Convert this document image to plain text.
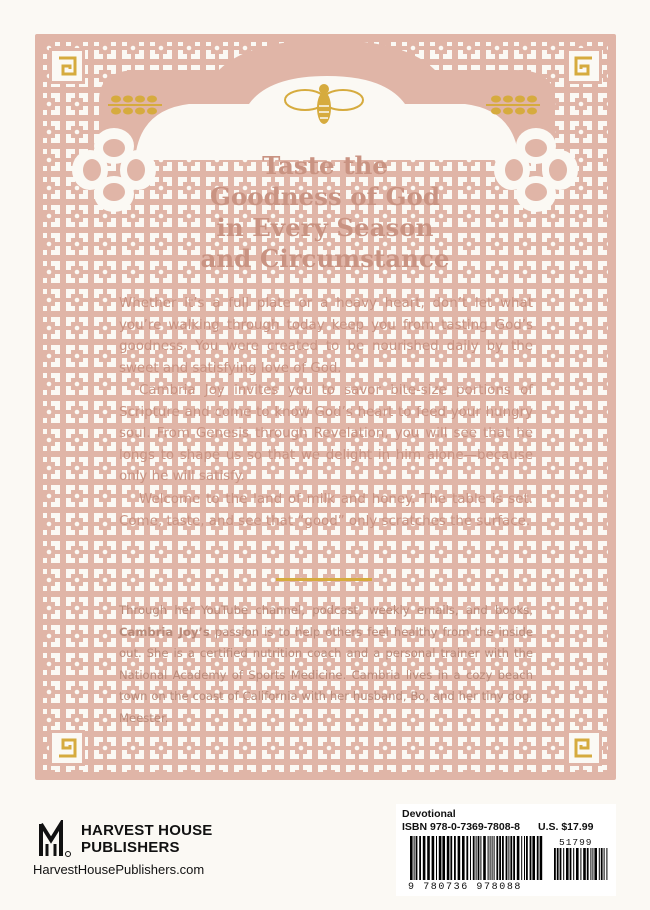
Taste the
Goodness of God
in Every Season
and Circumstance

Whether it’s a full plate or a heavy heart, don’t let what you’re walking through today keep you from tasting God’s goodness. You were created to be nourished daily by the sweet and satisfying love of God.

Cambria Joy invites you to savor bite-size portions of Scripture and come to know God’s heart to feed your hungry soul. From Genesis through Revelation, you will see that he longs to shape us so that we delight in him alone—because only he will satisfy.

Welcome to the land of milk and honey. The table is set. Come, taste, and see that “good” only scratches the surface.

Through her YouTube channel, podcast, weekly emails, and books, Cambria Joy’s passion is to help others feel healthy from the inside out. She is a certified nutrition coach and a personal trainer with the National Academy of Sports Medicine. Cambria lives in a cozy beach town on the coast of California with her husband, Bo, and her tiny dog, Meester.

HARVEST HOUSE
PUBLISHERS
HarvestHousePublishers.com
Devotional
ISBN 978-0-7369-7808-8 U.S. $17.99
51799
9 780736 978088
